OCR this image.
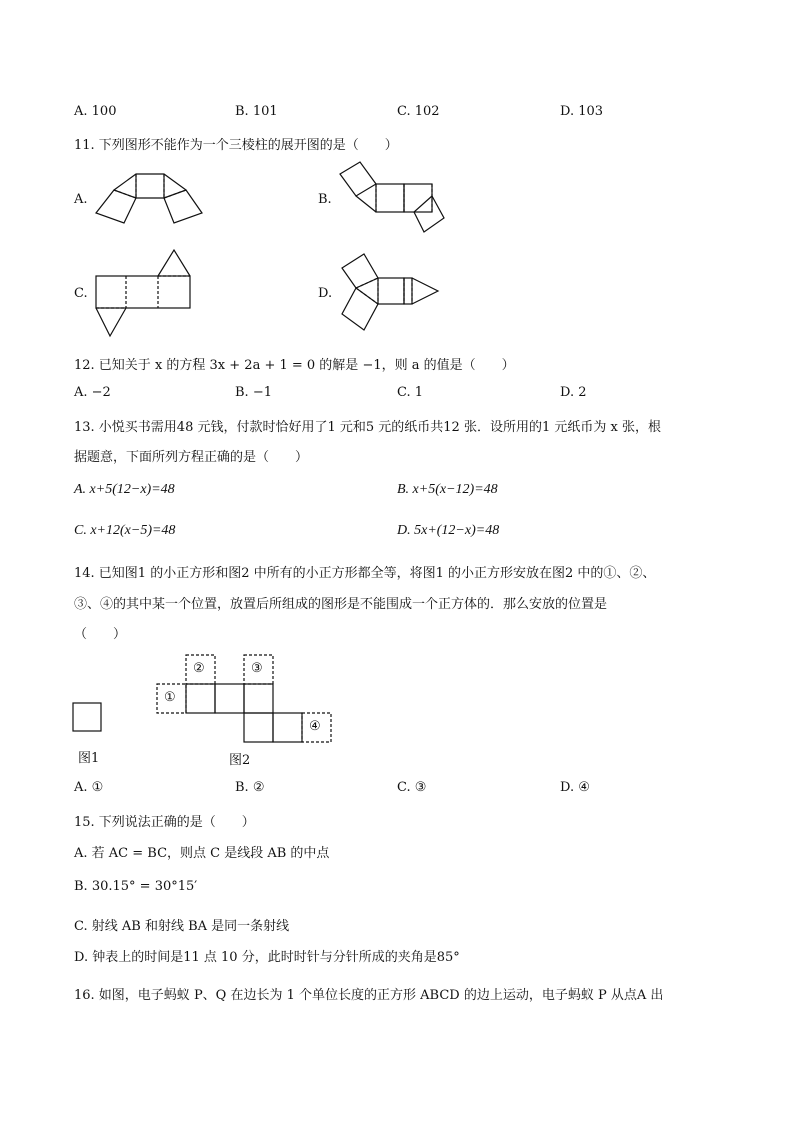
A. 100	B. 101	C. 102	D. 103
11. 下列图形不能作为一个三棱柱的展开图的是（　　）
A.	B.
C.	D.
12. 已知关于 x 的方程 3x + 2a + 1 = 0 的解是 −1，则 a 的值是（　　）
A. −2	B. −1	C. 1	D. 2
13. 小悦买书需用48 元钱，付款时恰好用了1 元和5 元的纸币共12 张．设所用的1 元纸币为 x 张，根
据题意，下面所列方程正确的是（　　）
A. x+5(12−x)=48	B. x+5(x−12)=48
C. x+12(x−5)=48	D. 5x+(12−x)=48
14. 已知图1 的小正方形和图2 中所有的小正方形都全等，将图1 的小正方形安放在图2 中的①、②、
③、④的其中某一个位置，放置后所组成的图形是不能围成一个正方体的．那么安放的位置是
（　　）
图1
①
②	③
④
图2
A. ①	B. ②	C. ③	D. ④
15. 下列说法正确的是（　　）
A. 若 AC = BC，则点 C 是线段 AB 的中点
B. 30.15° = 30°15′
C. 射线 AB 和射线 BA 是同一条射线
D. 钟表上的时间是11 点 10 分，此时时针与分针所成的夹角是85°
16. 如图，电子蚂蚁 P、Q 在边长为 1 个单位长度的正方形 ABCD 的边上运动，电子蚂蚁 P 从点A 出
